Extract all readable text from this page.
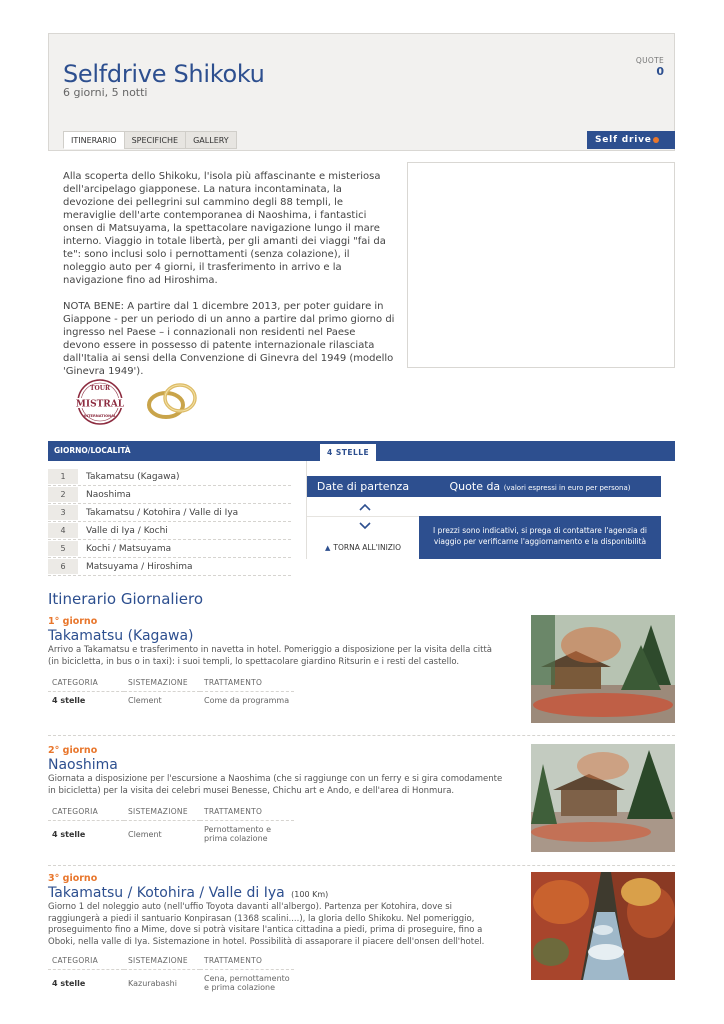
Selfdrive Shikoku
6 giorni, 5 notti
QUOTE
0
ITINERARIO	SPECIFICHE	GALLERY	Self drive

Alla scoperta dello Shikoku, l'isola più affascinante e misteriosa dell'arcipelago giapponese. La natura incontaminata, la devozione dei pellegrini sul cammino degli 88 templi, le meraviglie dell'arte contemporanea di Naoshima, i fantastici onsen di Matsuyama, la spettacolare navigazione lungo il mare interno. Viaggio in totale libertà, per gli amanti dei viaggi "fai da te": sono inclusi solo i pernottamenti (senza colazione), il noleggio auto per 4 giorni, il trasferimento in arrivo e la navigazione fino ad Hiroshima.

NOTA BENE: A partire dal 1 dicembre 2013, per poter guidare in Giappone - per un periodo di un anno a partire dal primo giorno di ingresso nel Paese – i connazionali non residenti nel Paese devono essere in possesso di patente internazionale rilasciata dall'Italia ai sensi della Convenzione di Ginevra del 1949 (modello 'Ginevra 1949').

TOUR
MISTRAL
INTERNATIONAL
GIORNO/LOCALITÀ	4 STELLE
1	Takamatsu (Kagawa)
2	Naoshima
3	Takamatsu / Kotohira / Valle di Iya
4	Valle di Iya / Kochi
5	Kochi / Matsuyama
6	Matsuyama / Hiroshima
Date di partenza	Quote da (valori espressi in euro per persona)
▲ TORNA ALL'INIZIO
I prezzi sono indicativi, si prega di contattare l'agenzia di viaggio per verificarne l'aggiornamento e la disponibilità
Itinerario Giornaliero
1° giorno
Takamatsu (Kagawa)
Arrivo a Takamatsu e trasferimento in navetta in hotel. Pomeriggio a disposizione per la visita della città (in bicicletta, in bus o in taxi): i suoi templi, lo spettacolare giardino Ritsurin e i resti del castello.
CATEGORIA	SISTEMAZIONE	TRATTAMENTO
4 stelle	Clement	Come da programma
2° giorno
Naoshima
Giornata a disposizione per l'escursione a Naoshima (che si raggiunge con un ferry e si gira comodamente in bicicletta) per la visita dei celebri musei Benesse, Chichu art e Ando, e dell'area di Honmura.
CATEGORIA	SISTEMAZIONE	TRATTAMENTO
4 stelle	Clement	Pernottamento e prima colazione
3° giorno
Takamatsu / Kotohira / Valle di Iya (100 Km)
Giorno 1 del noleggio auto (nell'uffio Toyota davanti all'albergo). Partenza per Kotohira, dove si raggiungerà a piedi il santuario Konpirasan (1368 scalini....), la gloria dello Shikoku. Nel pomeriggio, proseguimento fino a Mime, dove si potrà visitare l'antica cittadina a piedi, prima di proseguire, fino a Oboki, nella valle di Iya. Sistemazione in hotel. Possibilità di assaporare il piacere dell'onsen dell'hotel.
CATEGORIA	SISTEMAZIONE	TRATTAMENTO
4 stelle	Kazurabashi	Cena, pernottamento e prima colazione
